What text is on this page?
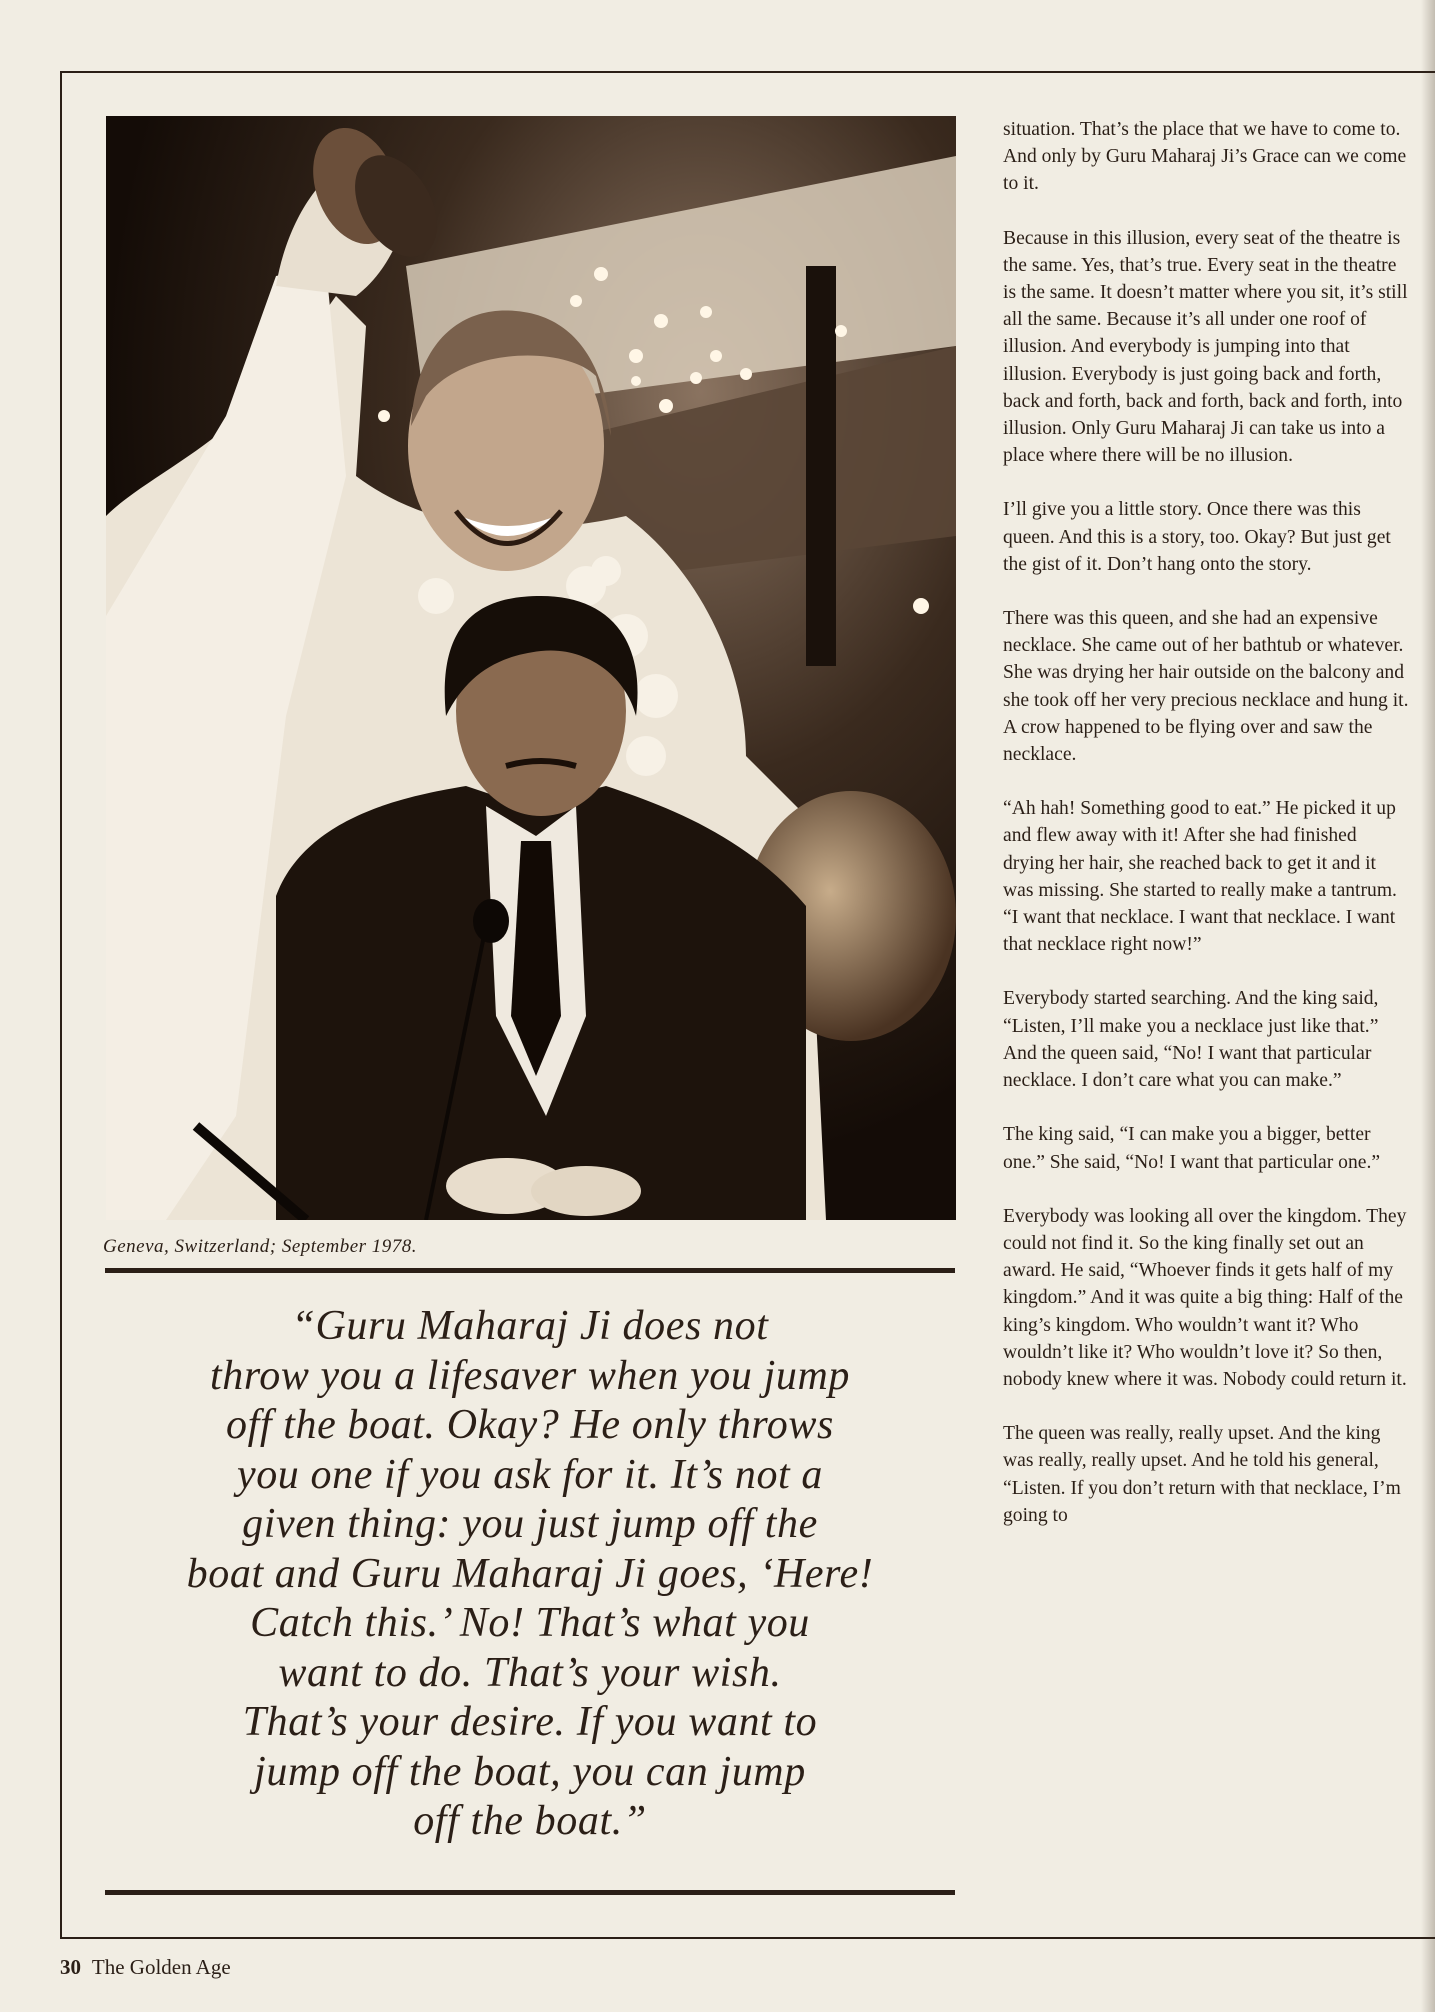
Geneva, Switzerland; September 1978.

“Guru Maharaj Ji does not

throw you a lifesaver when you jump

off the boat. Okay? He only throws

you one if you ask for it. It’s not a

given thing: you just jump off the

boat and Guru Maharaj Ji goes, ‘Here!

Catch this.’ No! That’s what you

want to do. That’s your wish.

That’s your desire. If you want to

jump off the boat, you can jump

off the boat.”

situation. That’s the place that we have to come to. And only by Guru Maharaj Ji’s Grace can we come to it.

Because in this illusion, every seat of the theatre is the same. Yes, that’s true. Every seat in the theatre is the same. It doesn’t matter where you sit, it’s still all the same. Because it’s all under one roof of illusion. And everybody is jumping into that illusion. Everybody is just going back and forth, back and forth, back and forth, back and forth, into illusion. Only Guru Maharaj Ji can take us into a place where there will be no illusion.

I’ll give you a little story. Once there was this queen. And this is a story, too. Okay? But just get the gist of it. Don’t hang onto the story.

There was this queen, and she had an expensive necklace. She came out of her bathtub or whatever. She was drying her hair outside on the balcony and she took off her very precious necklace and hung it. A crow happened to be flying over and saw the necklace.

“Ah hah! Something good to eat.” He picked it up and flew away with it! After she had finished drying her hair, she reached back to get it and it was missing. She started to really make a tantrum. “I want that necklace. I want that necklace. I want that necklace right now!”

Everybody started searching. And the king said, “Listen, I’ll make you a necklace just like that.” And the queen said, “No! I want that particular necklace. I don’t care what you can make.”

The king said, “I can make you a bigger, better one.” She said, “No! I want that particular one.”

Everybody was looking all over the kingdom. They could not find it. So the king finally set out an award. He said, “Whoever finds it gets half of my kingdom.” And it was quite a big thing: Half of the king’s kingdom. Who wouldn’t want it? Who wouldn’t like it? Who wouldn’t love it? So then, nobody knew where it was. Nobody could return it.

The queen was really, really upset. And the king was really, really upset. And he told his general, “Listen. If you don’t return with that necklace, I’m going to

30 The Golden Age
